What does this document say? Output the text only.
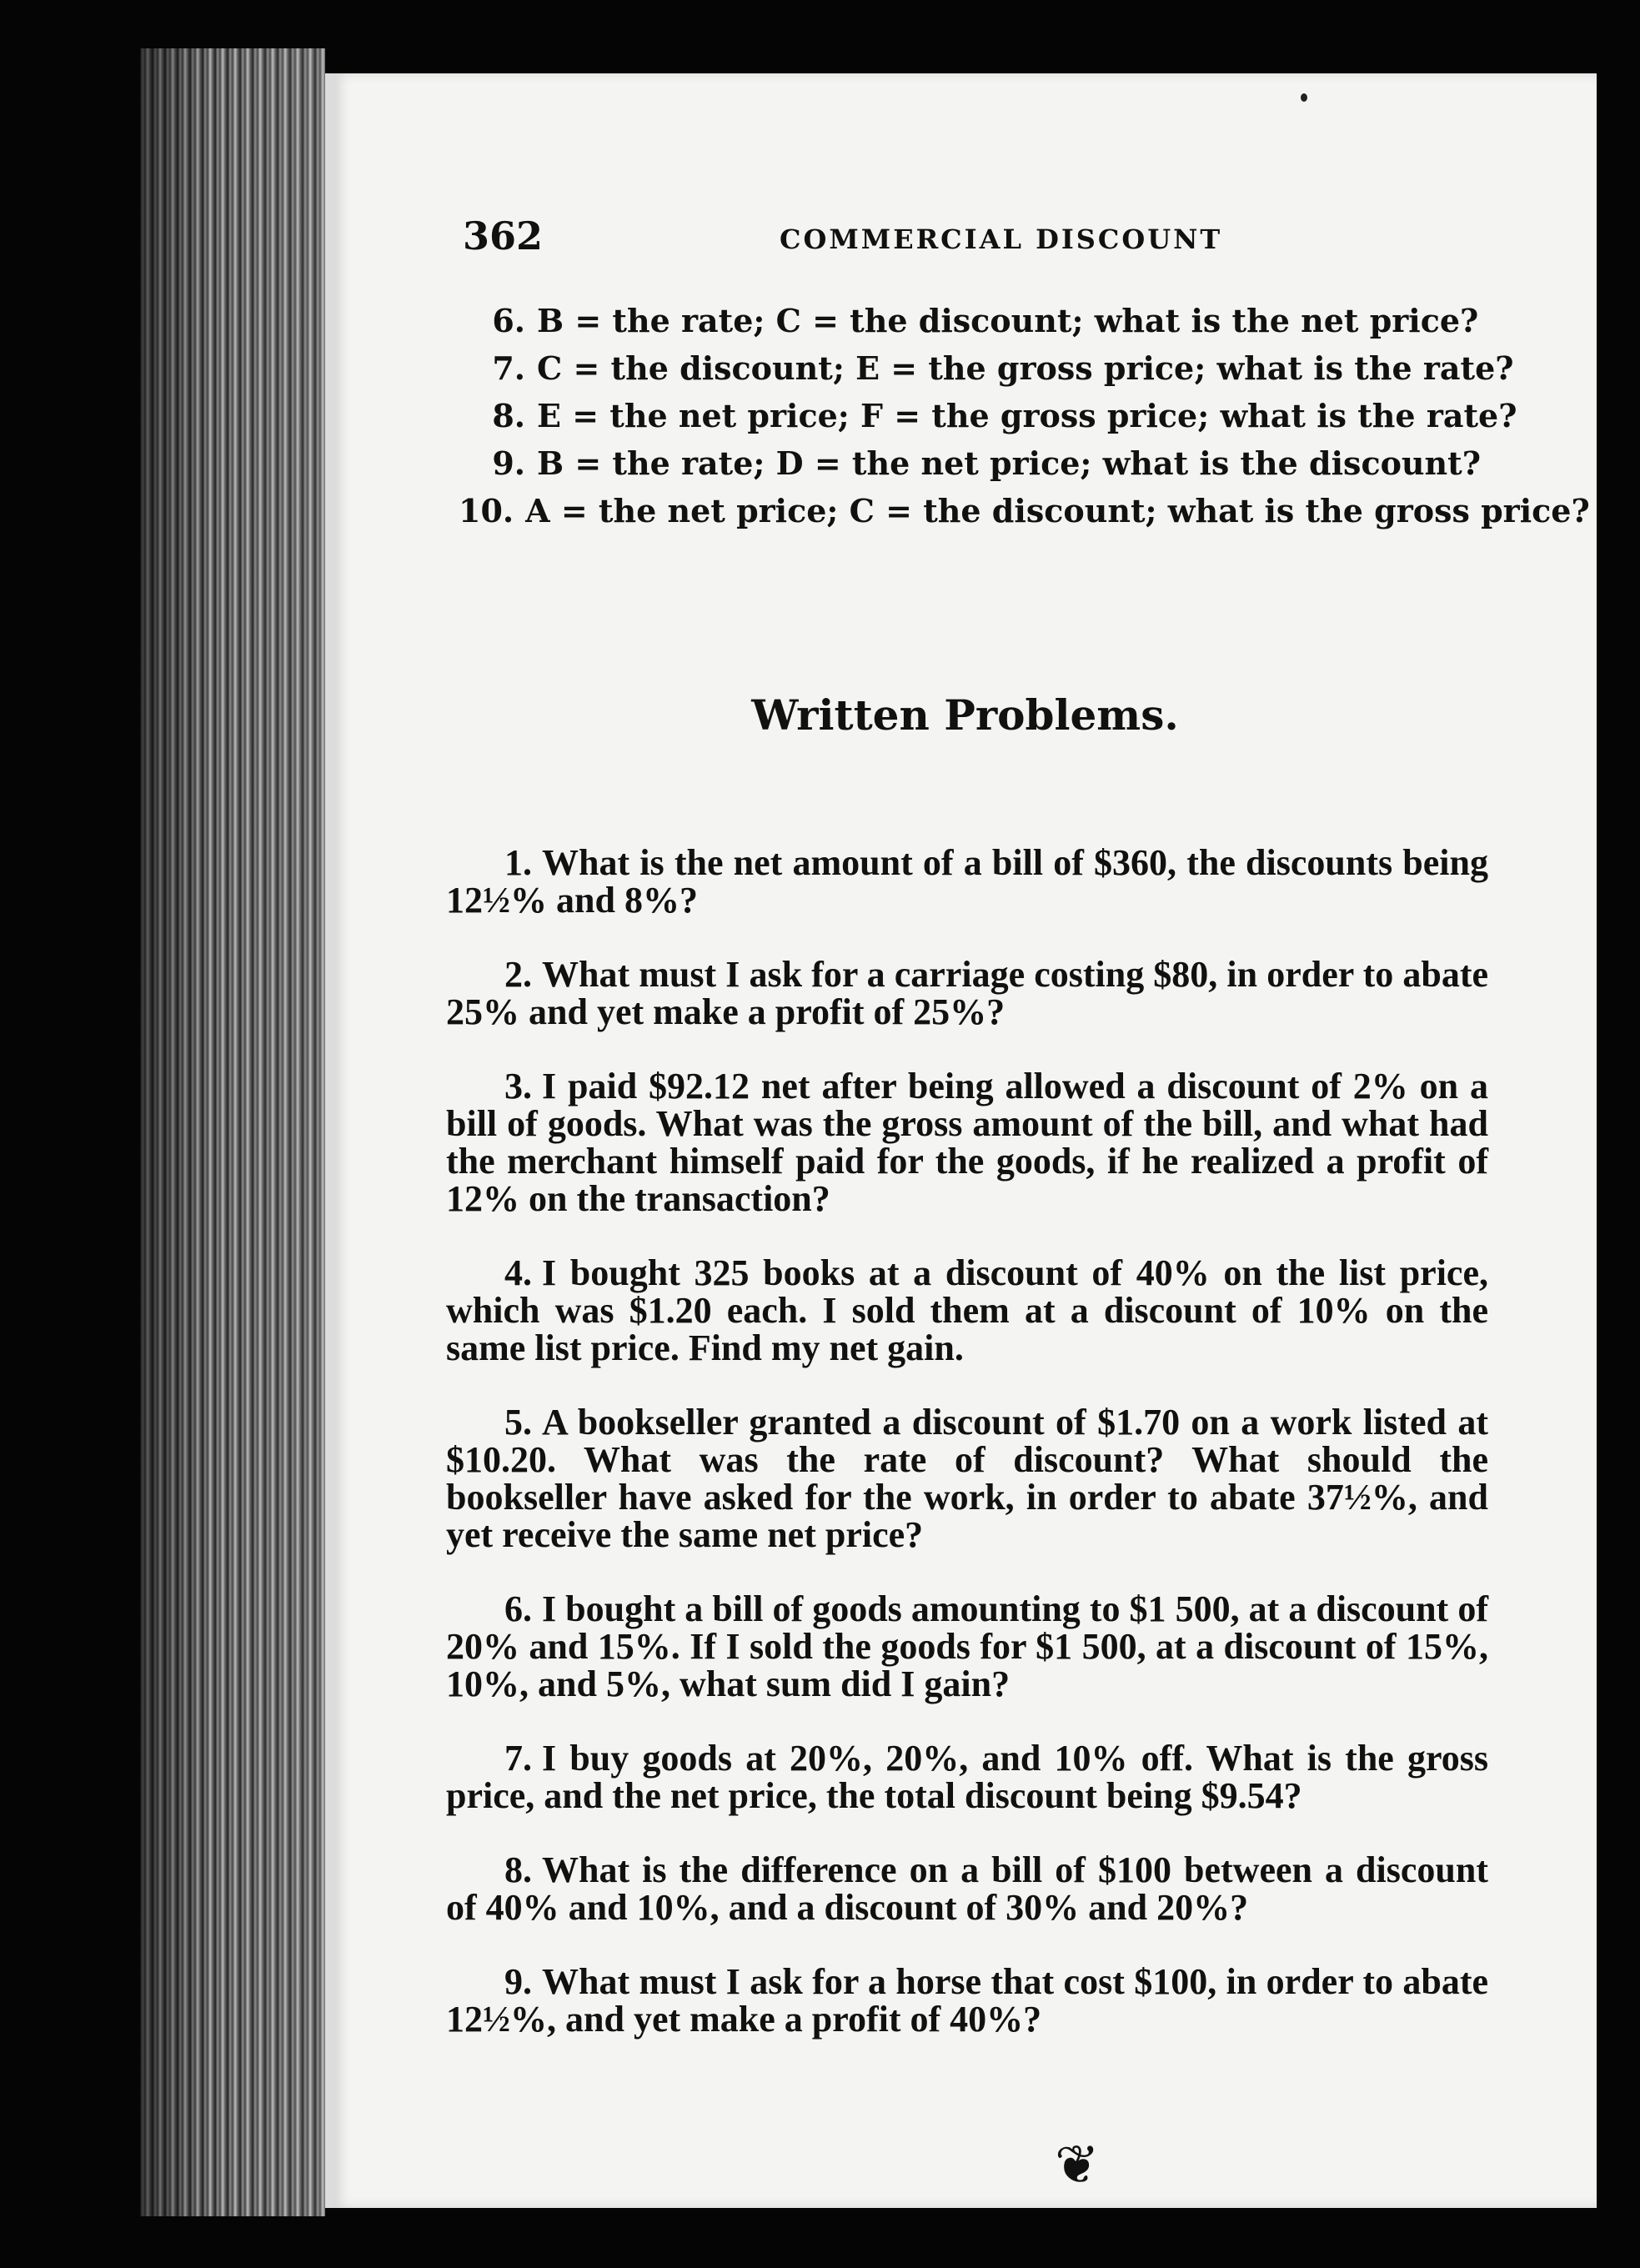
362	COMMERCIAL DISCOUNT
6. B = the rate; C = the discount; what is the net price?
7. C = the discount; E = the gross price; what is the rate?
8. E = the net price; F = the gross price; what is the rate?
9. B = the rate; D = the net price; what is the discount?
10. A = the net price; C = the discount; what is the gross price?
Written Problems.

1. What is the net amount of a bill of $360, the discounts being 12½% and 8%?

2. What must I ask for a carriage costing $80, in order to abate 25% and yet make a profit of 25%?

3. I paid $92.12 net after being allowed a discount of 2% on a bill of goods. What was the gross amount of the bill, and what had the merchant himself paid for the goods, if he realized a profit of 12% on the transaction?

4. I bought 325 books at a discount of 40% on the list price, which was $1.20 each. I sold them at a discount of 10% on the same list price. Find my net gain.

5. A bookseller granted a discount of $1.70 on a work listed at $10.20. What was the rate of discount? What should the bookseller have asked for the work, in order to abate 37½%, and yet receive the same net price?

6. I bought a bill of goods amounting to $1 500, at a discount of 20% and 15%. If I sold the goods for $1 500, at a discount of 15%, 10%, and 5%, what sum did I gain?

7. I buy goods at 20%, 20%, and 10% off. What is the gross price, and the net price, the total discount being $9.54?

8. What is the difference on a bill of $100 between a discount of 40% and 10%, and a discount of 30% and 20%?

9. What must I ask for a horse that cost $100, in order to abate 12½%, and yet make a profit of 40%?

❦
